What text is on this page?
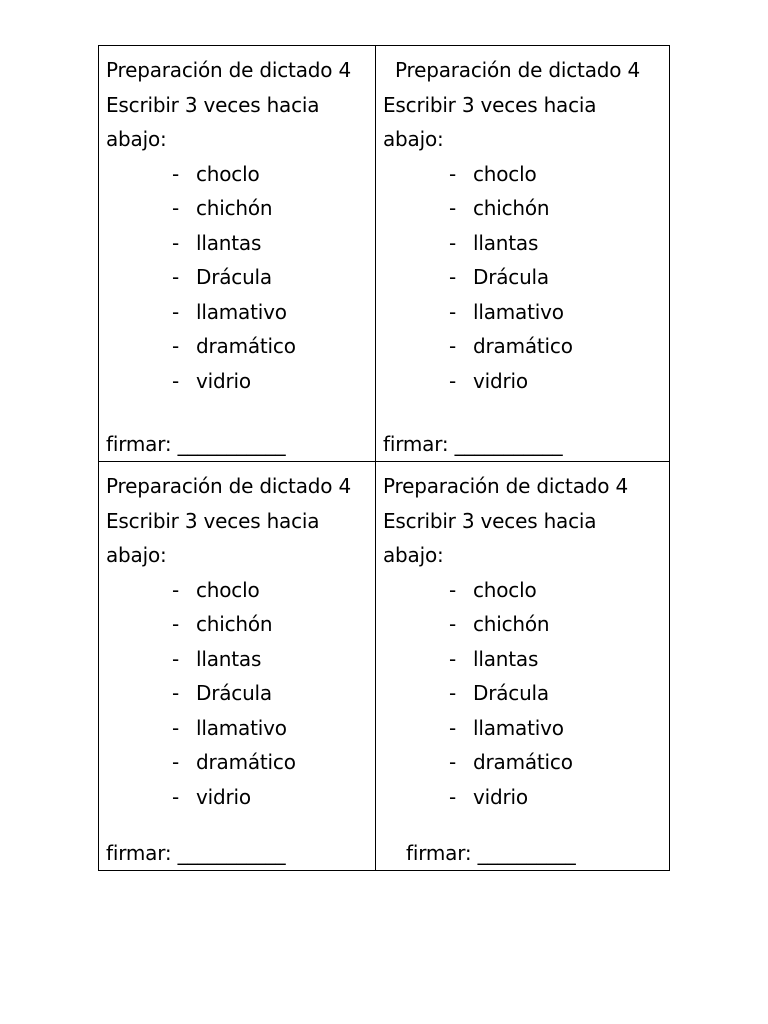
Preparación de dictado 4
Escribir 3 veces hacia
abajo:
- choclo
- chichón
- llantas
- Drácula
- llamativo
- dramático
- vidrio
firmar: ___________
Preparación de dictado 4
Escribir 3 veces hacia
abajo:
- choclo
- chichón
- llantas
- Drácula
- llamativo
- dramático
- vidrio
firmar: ___________
Preparación de dictado 4
Escribir 3 veces hacia
abajo:
- choclo
- chichón
- llantas
- Drácula
- llamativo
- dramático
- vidrio
firmar: ___________
Preparación de dictado 4
Escribir 3 veces hacia
abajo:
- choclo
- chichón
- llantas
- Drácula
- llamativo
- dramático
- vidrio
firmar: __________
